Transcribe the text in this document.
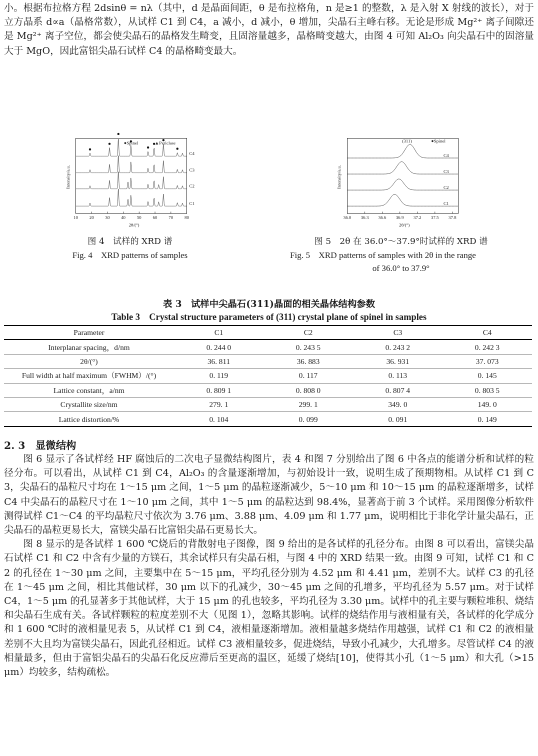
小。根据布拉格方程 2dsinθ = nλ（其中，d 是晶面间距，θ 是布拉格角，n 是≥1 的整数，λ 是入射 X 射线的波长），对于立方晶系 d∝a（晶格常数），从试样 C1 到 C4，a 减小，d 减小，θ 增加，尖晶石主峰右移。无论是形成 Mg²⁺ 离子间隙还是 Mg²⁺ 离子空位，都会使尖晶石的晶格发生畸变，且固溶量越多，晶格畸变越大，由图 4 可知 Al₂O₃ 向尖晶石中的固溶量大于 MgO，因此富铝尖晶石试样 C4 的晶格畸变最大。

10 20 30 40 50 60 70 80
●Spinel ▲Periclase
C4
C3
C2
C1
Intensity/a.u.
2θ/(°)
图 4　试样的 XRD 谱
Fig. 4　XRD patterns of samples
36.0 36.3 36.6 36.9 37.2 37.5 37.8
(311)	●Spinel
C4
C3
C2
C1
Intensity/a.u.
2θ/(°)
图 5　2θ 在 36.0°～37.9°时试样的 XRD 谱
Fig. 5　XRD patterns of samples with 2θ in the range
of 36.0° to 37.9°
表 3　试样中尖晶石(311)晶面的相关晶体结构参数
Table 3　Crystal structure parameters of (311) crystal plane of spinel in samples
Parameter	C1	C2	C3	C4
Interplanar spacing，d/nm	0. 244 0	0. 243 5	0. 243 2	0. 242 3
2θ/(°)	36. 811	36. 883	36. 931	37. 073
Full width at half maximum（FWHM）/(°)	0. 119	0. 117	0. 113	0. 145
Lattice constant，a/nm	0. 809 1	0. 808 0	0. 807 4	0. 803 5
Crystallite size/nm	279. 1	299. 1	349. 0	149. 0
Lattice distortion/%	0. 104	0. 099	0. 091	0. 149
2. 3　显微结构

图 6 显示了各试样经 HF 腐蚀后的二次电子显微结构图片，表 4 和图 7 分别给出了图 6 中各点的能谱分析和试样的粒径分布。可以看出，从试样 C1 到 C4，Al₂O₃ 的含量逐渐增加，与初始设计一致，说明生成了预期物相。从试样 C1 到 C3，尖晶石的晶粒尺寸均在 1～15 μm 之间，1～5 μm 的晶粒逐渐减少，5～10 μm 和 10～15 μm 的晶粒逐渐增多，试样 C4 中尖晶石的晶粒尺寸在 1～10 μm 之间，其中 1～5 μm 的晶粒达到 98.4%，显著高于前 3 个试样。采用图像分析软件测得试样 C1～C4 的平均晶粒尺寸依次为 3.76 μm、3.88 μm、4.09 μm 和 1.77 μm，说明相比于非化学计量尖晶石，正尖晶石的晶粒更易长大，富镁尖晶石比富铝尖晶石更易长大。

图 8 显示的是各试样 1 600 ℃烧后的背散射电子图像，图 9 给出的是各试样的孔径分布。由图 8 可以看出，富镁尖晶石试样 C1 和 C2 中含有少量的方镁石，其余试样只有尖晶石相，与图 4 中的 XRD 结果一致。由图 9 可知，试样 C1 和 C2 的孔径在 1～30 μm 之间，主要集中在 5～15 μm，平均孔径分别为 4.52 μm 和 4.41 μm，差别不大。试样 C3 的孔径在 1～45 μm 之间，相比其他试样，30 μm 以下的孔减少，30～45 μm 之间的孔增多，平均孔径为 5.57 μm。对于试样 C4，1～5 μm 的孔显著多于其他试样，大于 15 μm 的孔也较多，平均孔径为 3.30 μm。试样中的孔主要与颗粒堆积、烧结和尖晶石生成有关。各试样颗粒的粒度差别不大（见图 1），忽略其影响。试样的烧结作用与液相量有关，各试样的化学成分和 1 600 ℃时的液相量见表 5，从试样 C1 到 C4，液相量逐渐增加。液相量越多烧结作用越强，试样 C1 和 C2 的液相量差别不大且均为富镁尖晶石，因此孔径相近。试样 C3 液相量较多，促进烧结，导致小孔减少，大孔增多。尽管试样 C4 的液相量最多，但由于富铝尖晶石的尖晶石化反应滞后至更高的温区，延缓了烧结[10]，使得其小孔（1～5 μm）和大孔（>15 μm）均较多，结构疏松。
